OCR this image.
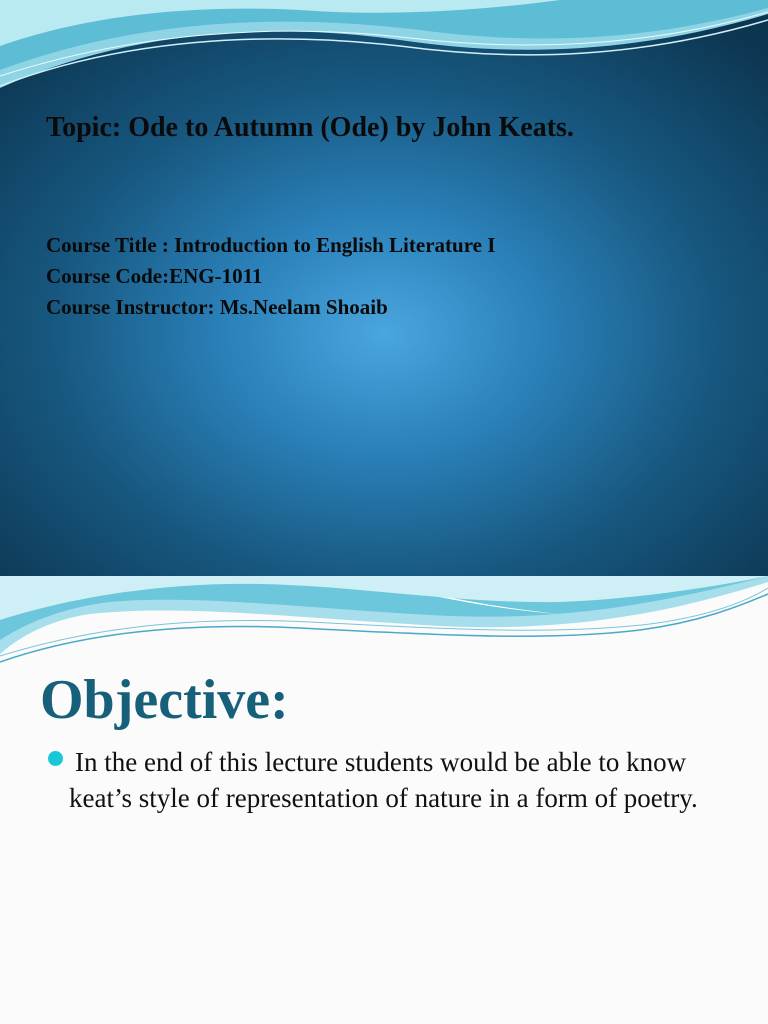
Topic: Ode to Autumn (Ode) by John Keats.
Course Title : Introduction to English Literature I
Course Code:ENG-1011
Course Instructor: Ms.Neelam Shoaib
Objective:

In the end of this lecture students would be able to know keat’s style of representation of nature in a form of poetry.
